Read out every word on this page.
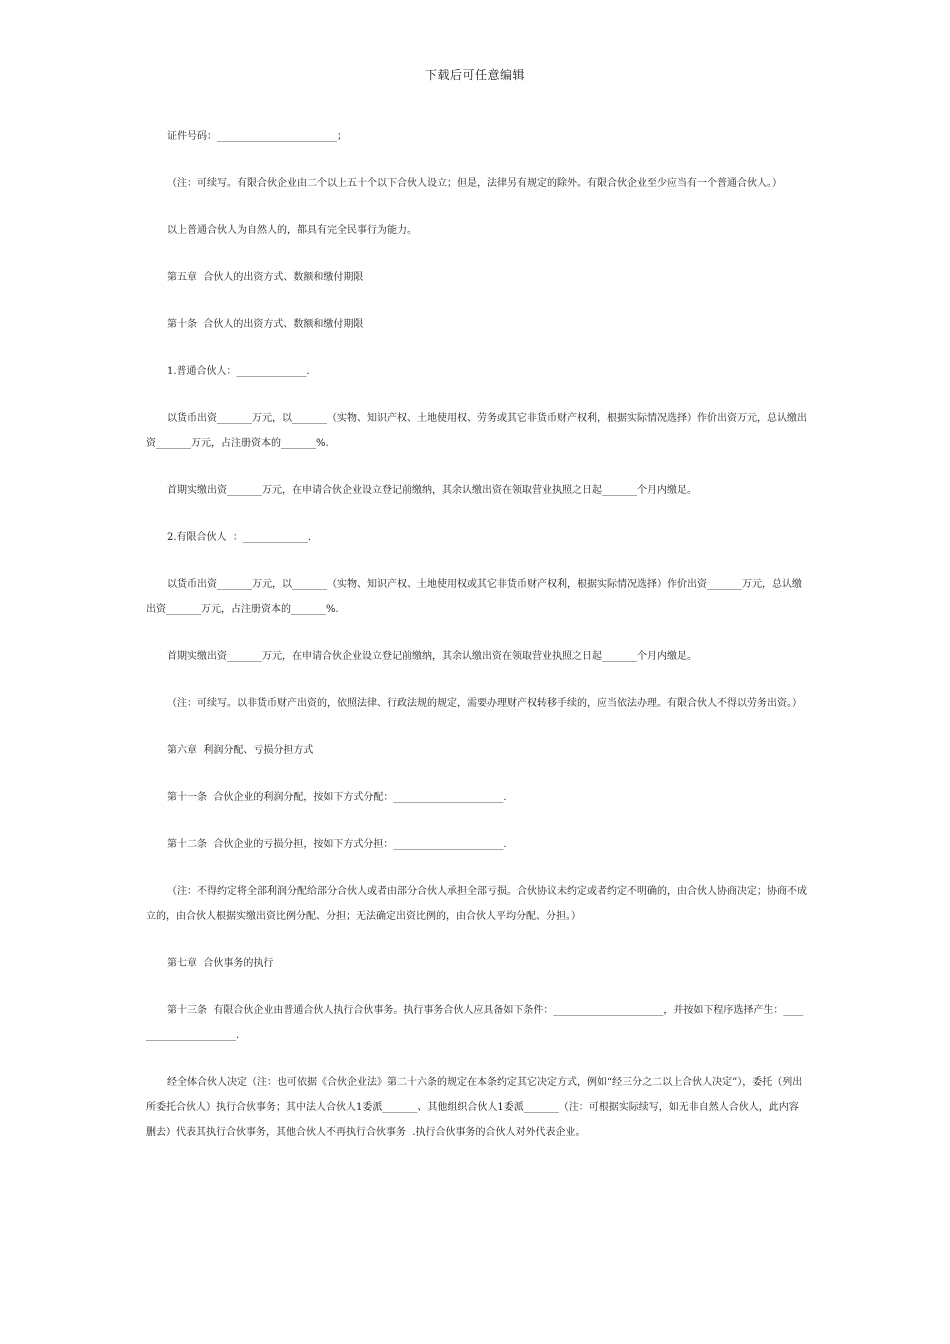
下载后可任意编辑

证件号码：________________________；

（注：可续写。有限合伙企业由二个以上五十个以下合伙人设立；但是，法律另有规定的除外。有限合伙企业至少应当有一个普通合伙人。）

以上普通合伙人为自然人的，都具有完全民事行为能力。

第五章  合伙人的出资方式、数额和缴付期限

第十条  合伙人的出资方式、数额和缴付期限

1.普通合伙人：______________.

以货币出资_______万元，以_______（实物、知识产权、土地使用权、劳务或其它非货币财产权利，根据实际情况选择）作价出资万元，总认缴出资_______万元，占注册资本的_______%.

首期实缴出资_______万元，在申请合伙企业设立登记前缴纳，其余认缴出资在领取营业执照之日起_______个月内缴足。

2.有限合伙人  ：_____________.

以货币出资_______万元，以_______（实物、知识产权、土地使用权或其它非货币财产权利，根据实际情况选择）作价出资_______万元，总认缴出资_______万元，占注册资本的_______%.

首期实缴出资_______万元，在申请合伙企业设立登记前缴纳，其余认缴出资在领取营业执照之日起_______个月内缴足。

（注：可续写。以非货币财产出资的，依照法律、行政法规的规定，需要办理财产权转移手续的，应当依法办理。有限合伙人不得以劳务出资。）

第六章  利润分配、亏损分担方式

第十一条  合伙企业的利润分配，按如下方式分配：______________________.

第十二条  合伙企业的亏损分担，按如下方式分担：______________________.

（注：不得约定将全部利润分配给部分合伙人或者由部分合伙人承担全部亏损。合伙协议未约定或者约定不明确的，由合伙人协商决定；协商不成立的，由合伙人根据实缴出资比例分配、分担；无法确定出资比例的，由合伙人平均分配、分担。）

第七章  合伙事务的执行

第十三条  有限合伙企业由普通合伙人执行合伙事务。执行事务合伙人应具备如下条件：______________________，并按如下程序选择产生：______________________.

经全体合伙人决定（注：也可依据《合伙企业法》第二十六条的规定在本条约定其它决定方式，例如“经三分之二以上合伙人决定”），委托（列出所委托合伙人）执行合伙事务；其中法人合伙人1委派_______、其他组织合伙人1委派_______（注：可根据实际续写，如无非自然人合伙人，此内容删去）代表其执行合伙事务，其他合伙人不再执行合伙事务  .执行合伙事务的合伙人对外代表企业。
